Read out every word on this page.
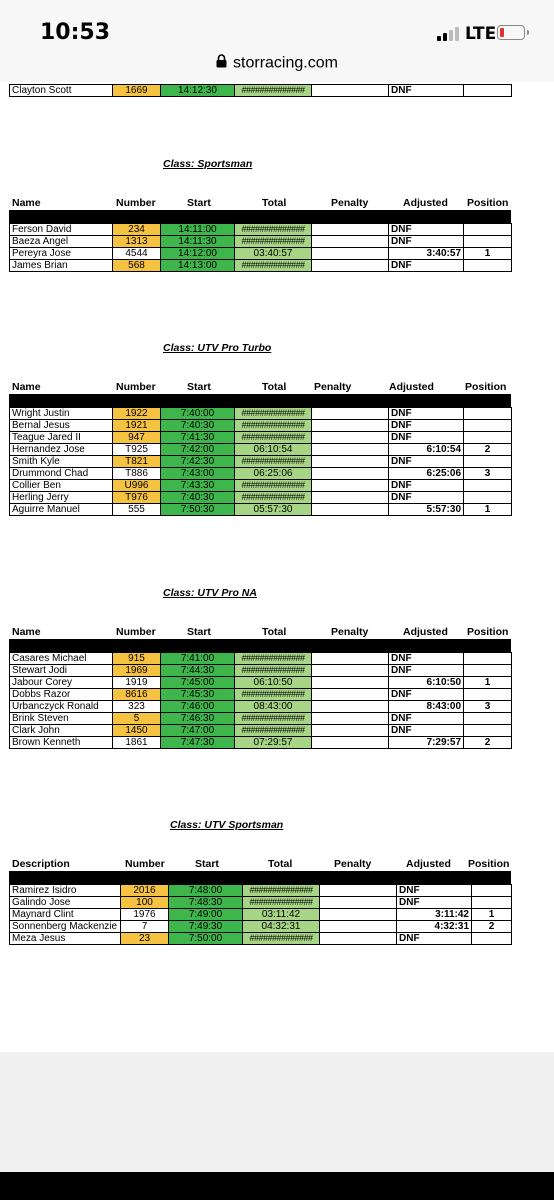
10:53	LTE
storracing.com
Clayton Scott	1669	14:12:30	##############		DNF	
Class: Sportsman
Name	Number	Start	Total	Penalty	Adjusted Position
Ferson David	234	14:11:00	##############		DNF	
Baeza Angel	1313	14:11:30	##############		DNF	
Pereyra Jose	4544	14:12:00	03:40:57		3:40:57	1
James Brian	568	14:13:00	##############		DNF	
Class: UTV Pro Turbo
Name	Number	Start	Total	Penalty	Adjusted	Position
Wright Justin	1922	7:40:00	##############		DNF	
Bernal Jesus	1921	7:40:30	##############		DNF	
Teague Jared II	947	7:41:30	##############		DNF	
Hernandez Jose	T925	7:42:00	06:10:54		6:10:54	2
Smith Kyle	T821	7:42:30	##############		DNF	
Drummond Chad	T886	7:43:00	06:25:06		6:25:06	3
Collier Ben	U996	7:43:30	##############		DNF	
Herling Jerry	T976	7:40:30	##############		DNF	
Aguirre Manuel	555	7:50:30	05:57:30		5:57:30	1
Class: UTV Pro NA
Name	Number	Start	Total	Penalty	Adjusted Position
Casares Michael	915	7:41:00	##############		DNF	
Stewart Jodi	1969	7:44:30	##############		DNF	
Jabour Corey	1919	7:45:00	06:10:50		6:10:50	1
Dobbs Razor	8616	7:45:30	##############		DNF	
Urbanczyck Ronald	323	7:46:00	08:43:00		8:43:00	3
Brink Steven	5	7:46:30	##############		DNF	
Clark John	1450	7:47:00	##############		DNF	
Brown Kenneth	1861	7:47:30	07:29:57		7:29:57	2
Class: UTV Sportsman
Description	Number	Start	Total	Penalty	Adjusted Position
Ramirez Isidro	2016	7:48:00	##############		DNF	
Galindo Jose	100	7:48:30	##############		DNF	
Maynard Clint	1976	7:49:00	03:11:42		3:11:42	1
Sonnenberg Mackenzie	7	7:49:30	04:32:31		4:32:31	2
Meza Jesus	23	7:50:00	##############		DNF	
